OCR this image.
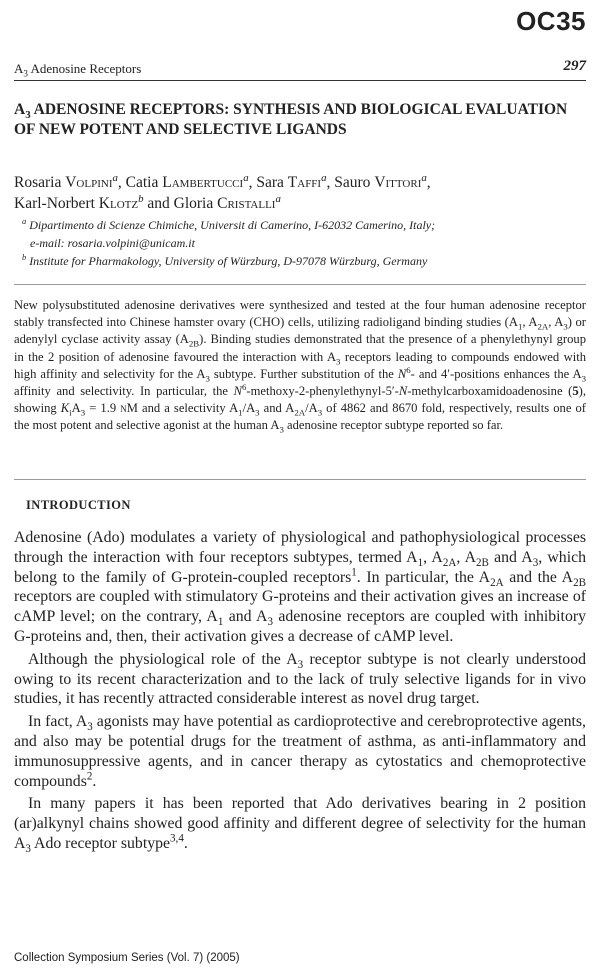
OC35
$A_3$ Adenosine Receptors	297
$A_3$ ADENOSINE RECEPTORS: SYNTHESIS AND BIOLOGICAL EVALUATION OF NEW POTENT AND SELECTIVE LIGANDS
Rosaria Volpini$^a$, Catia Lambertucci$^a$, Sara Taffi$^a$, Sauro Vittori$^a$,
Karl-Norbert Klotz$^b$ and Gloria Cristalli$^a$
$^a$ Dipartimento di Scienze Chimiche, Universit di Camerino, I-62032 Camerino, Italy;
e-mail: rosaria.volpini@unicam.it
$^b$ Institute for Pharmakology, University of Würzburg, D-97078 Würzburg, Germany
New polysubstituted adenosine derivatives were synthesized and tested at the four human adenosine receptor stably transfected into Chinese hamster ovary (CHO) cells, utilizing radioligand binding studies ($A_1$, $A_{2A}$, $A_3$) or adenylyl cyclase activity assay $(A_{2B})$. Binding studies demonstrated that the presence of a phenylethynyl group in the 2 position of adenosine favoured the interaction with $A_3$ receptors leading to compounds endowed with high affinity and selectivity for the $A_3$ subtype. Further substitution of the $N^6-$ and 4′-positions enhances the $A_3$ affinity and selectivity. In particular, the $N^6-methoxy-2-phenylethynyl-5'-N$-methylcarboxamidoadenosine (5), showing $K_iA_3 = 1.9$ nM and a selectivity $A_1/A_3$ and $A_{2A}/A_3$ of 4862 and 8670 fold, respectively, results one of the most potent and selective agonist at the human $A_3$ adenosine receptor subtype reported so far.
INTRODUCTION

Adenosine (Ado) modulates a variety of physiological and pathophysiological processes through the interaction with four receptors subtypes, termed $A_1$, $A_{2A}$, $A_{2B}$ and $A_3$, which belong to the family of G-protein-coupled receptors$^1$. In particular, the $A_{2A}$ and the $A_{2B}$ receptors are coupled with stimulatory G-proteins and their activation gives an increase of cAMP level; on the contrary, $A_1$ and $A_3$ adenosine receptors are coupled with inhibitory G-proteins and, then, their activation gives a decrease of cAMP level.

Although the physiological role of the $A_3$ receptor subtype is not clearly understood owing to its recent characterization and to the lack of truly selective ligands for in vivo studies, it has recently attracted considerable interest as novel drug target.

In fact, $A_3$ agonists may have potential as cardioprotective and cerebroprotective agents, and also may be potential drugs for the treatment of asthma, as anti-inflammatory and immunosuppressive agents, and in cancer therapy as cytostatics and chemoprotective compounds$^2$.

In many papers it has been reported that Ado derivatives bearing in 2 position (ar)alkynyl chains showed good affinity and different degree of selectivity for the human $A_3$ Ado receptor subtype$^{3,4}$.

Collection Symposium Series (Vol. 7) (2005)
